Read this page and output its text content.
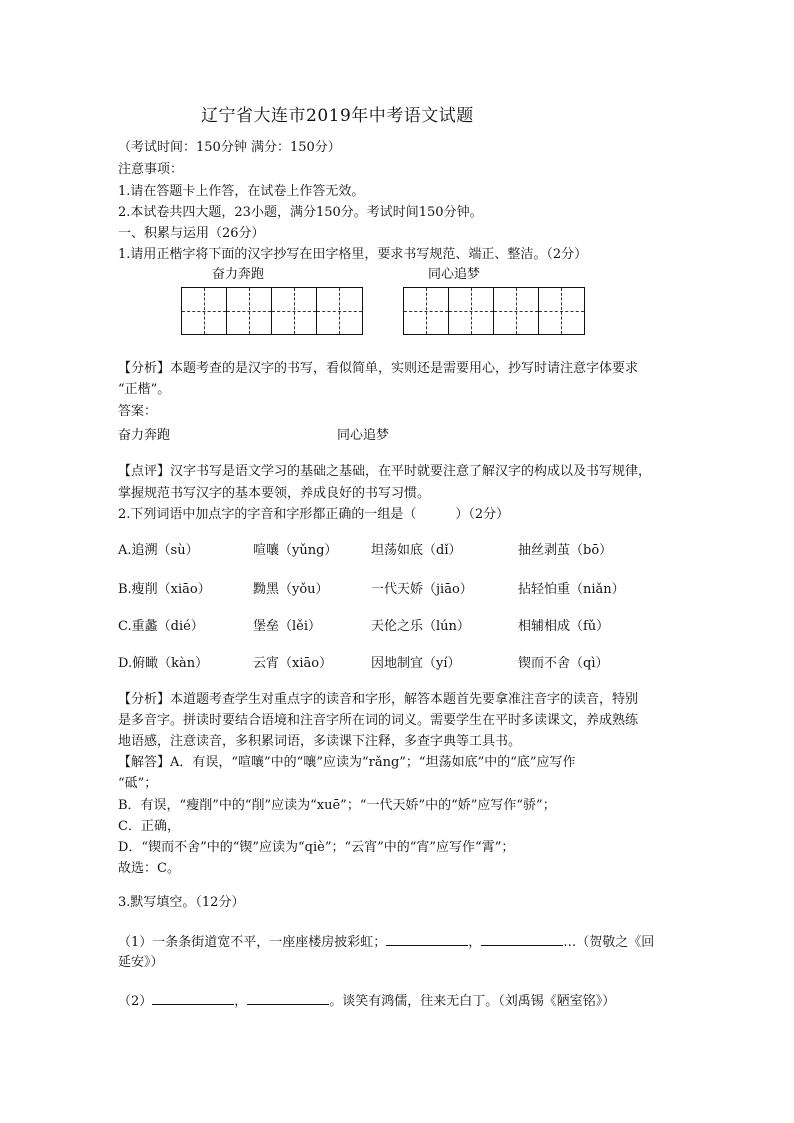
辽宁省大连市2019年中考语文试题
（考试时间：150分钟 满分：150分）
注意事项：
1.请在答题卡上作答，在试卷上作答无效。
2.本试卷共四大题，23小题，满分150分。考试时间150分钟。
一、积累与运用（26分）
1.请用正楷字将下面的汉字抄写在田字格里，要求书写规范、端正、整洁。（2分）
奋力奔跑	同心追梦
【分析】本题考查的是汉字的书写，看似简单，实则还是需要用心，抄写时请注意字体要求
“正楷”。
答案：
奋力奔跑	同心追梦
【点评】汉字书写是语文学习的基础之基础，在平时就要注意了解汉字的构成以及书写规律，
掌握规范书写汉字的基本要领，养成良好的书写习惯。
2.下列词语中加点字的字音和字形都正确的一组是（　　　）（2分）
A.追溯（sù）	喧嚷（yǔng）	坦荡如底（dǐ）	抽丝剥茧（bō）
B.瘦削（xiāo）	黝黑（yǒu）	一代天娇（jiāo）	拈轻怕重（niǎn）
C.重蠡（dié）	堡垒（lěi）	天伦之乐（lún）	相辅相成（fǔ）
D.俯瞰（kàn）	云宵（xiāo）	因地制宜（yí）	锲而不舍（qì）
【分析】本道题考查学生对重点字的读音和字形，解答本题首先要拿准注音字的读音，特别
是多音字。拼读时要结合语境和注音字所在词的词义。需要学生在平时多读课文，养成熟练
地语感，注意读音，多积累词语，多读课下注释，多查字典等工具书。
【解答】A．有误，“喧嚷”中的“嚷”应读为“rǎng”；“坦荡如底”中的“底”应写作
“砥”；
B．有误，“瘦削”中的“削”应读为“xuē”；“一代天娇”中的“娇”应写作“骄”；
C．正确，
D．“锲而不舍”中的“锲”应读为“qiè”；“云宵”中的“宵”应写作“霄”；
故选：C。
3.默写填空。（12分）
（1）一条条街道宽不平，一座座楼房披彩虹；	，	…（贺敬之《回
延安》）
（2）	，	。谈笑有鸿儒，往来无白丁。（刘禹锡《陋室铭》）
